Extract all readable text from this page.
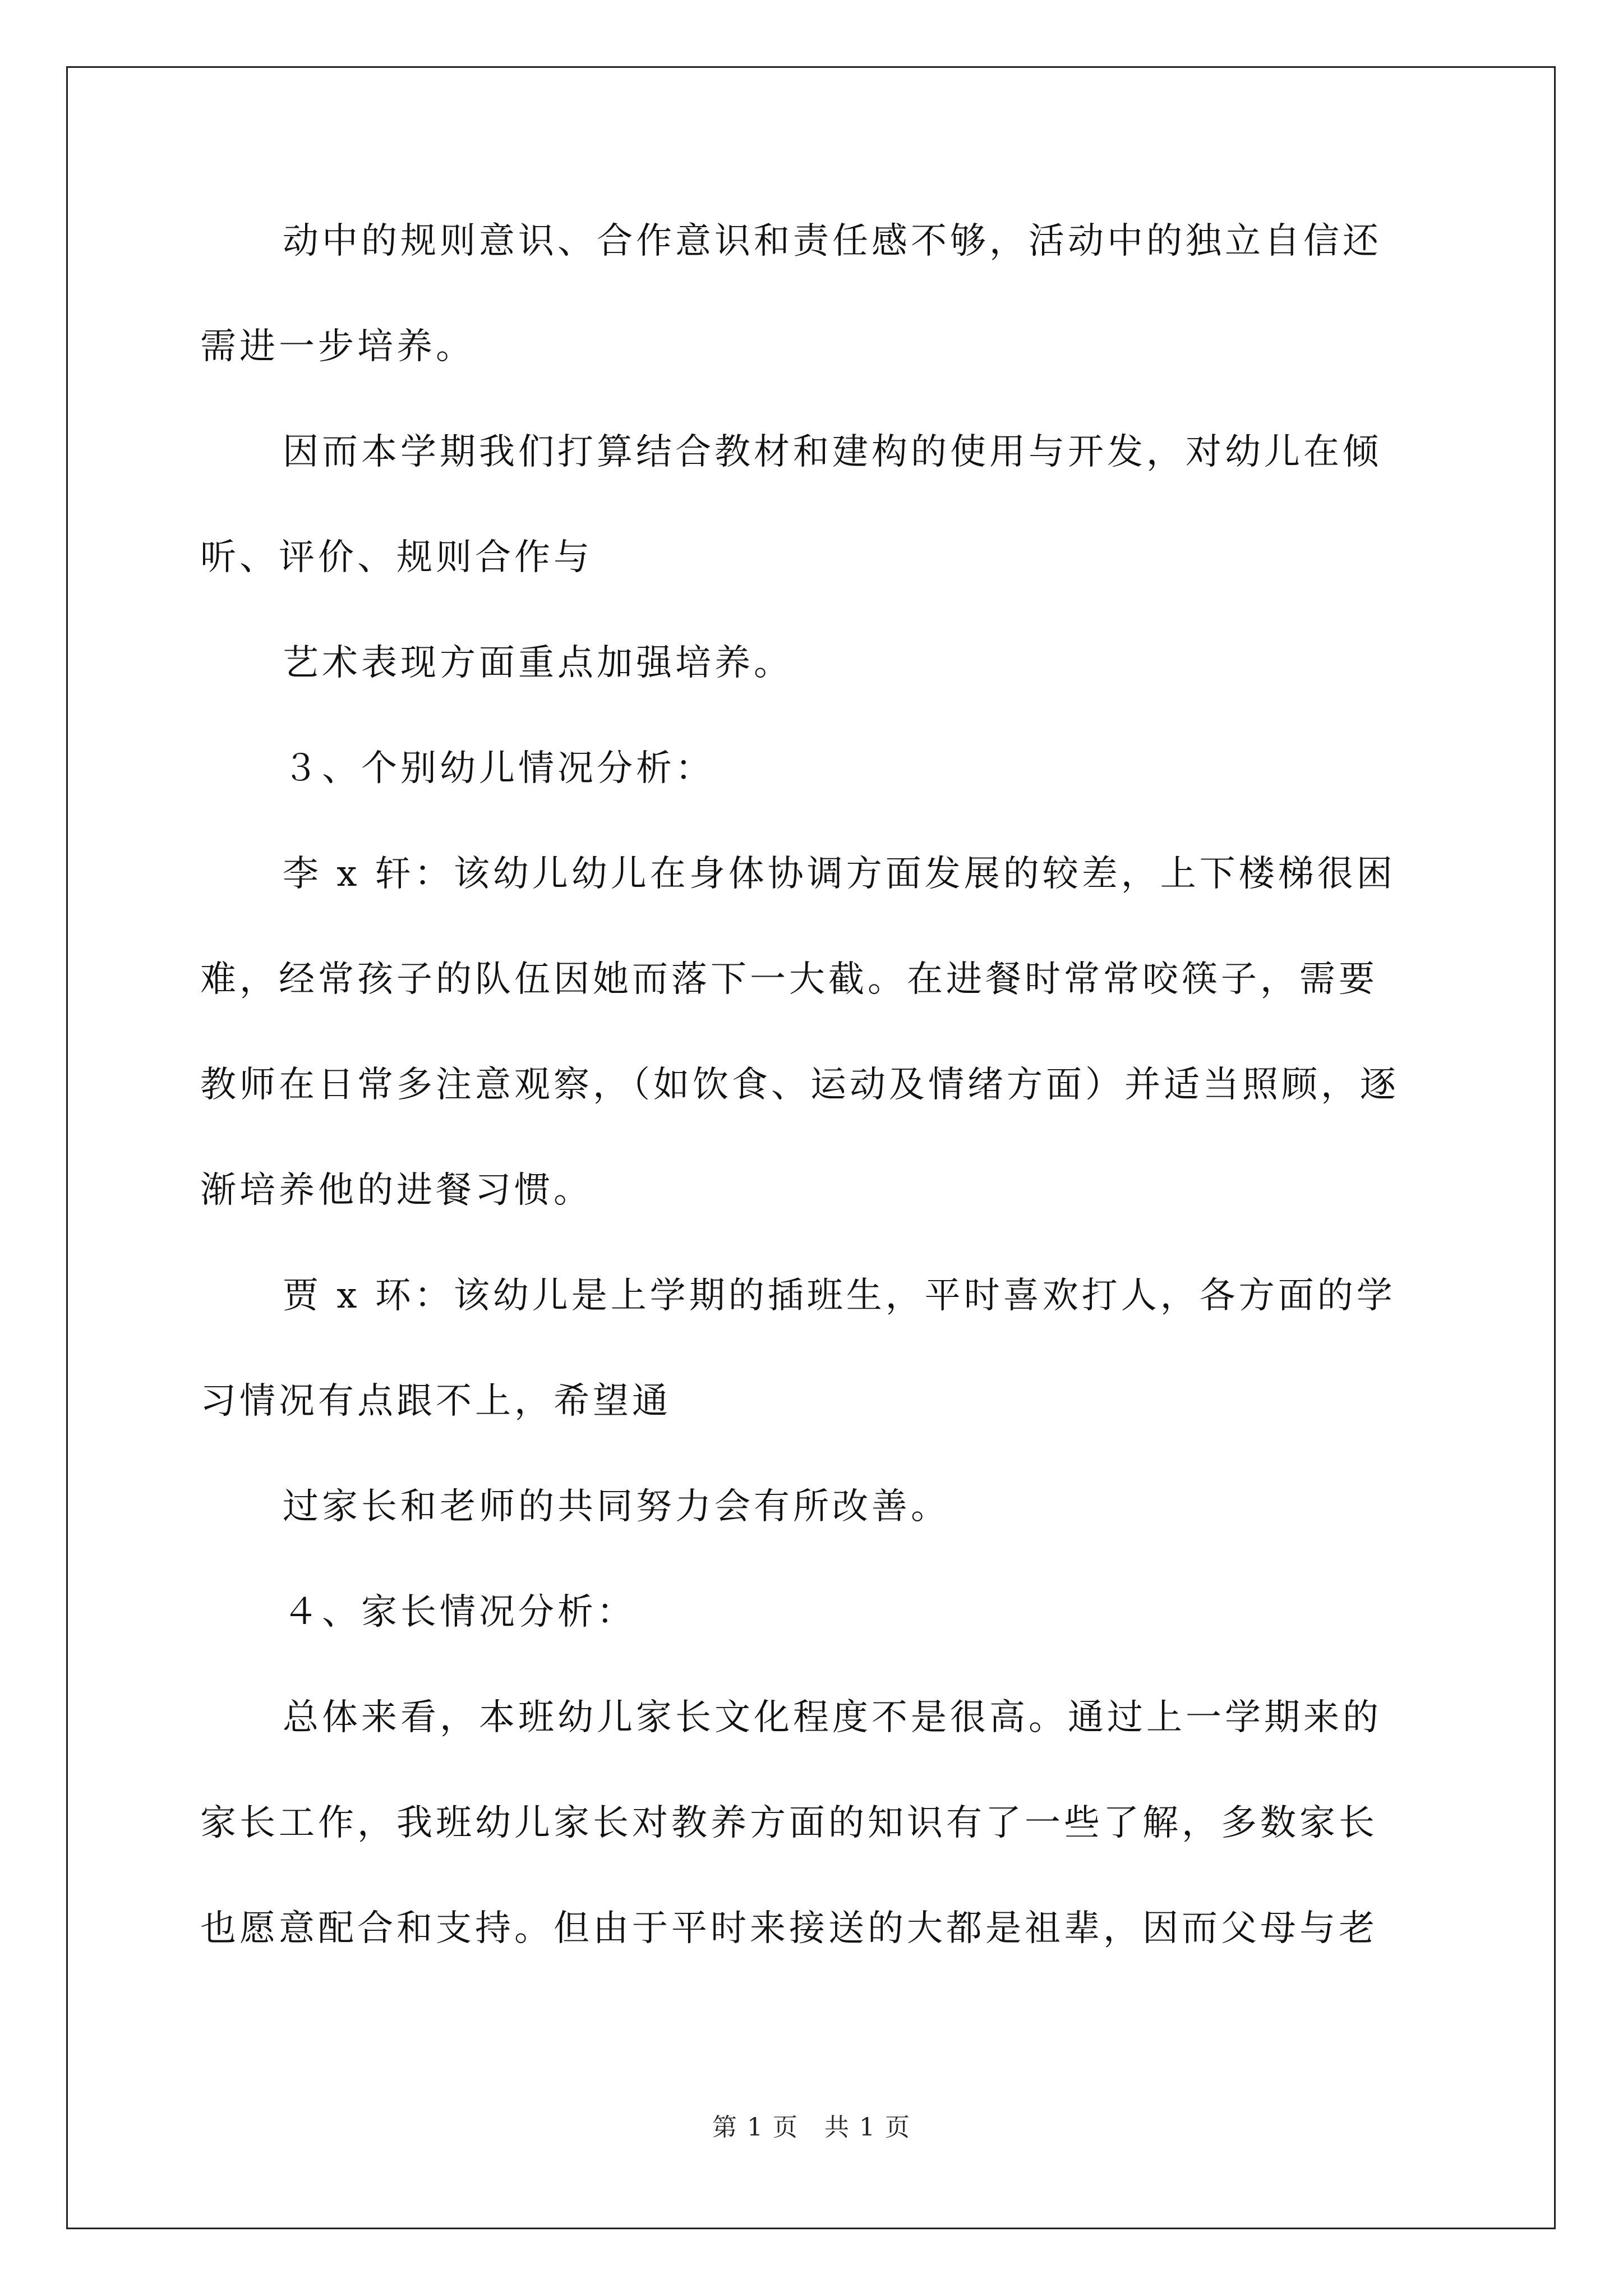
动中的规则意识、合作意识和责任感不够，活动中的独立自信还
需进一步培养。
因而本学期我们打算结合教材和建构的使用与开发，对幼儿在倾
听、评价、规则合作与
艺术表现方面重点加强培养。
３、个别幼儿情况分析：
李 x 轩：该幼儿幼儿在身体协调方面发展的较差，上下楼梯很困
难，经常孩子的队伍因她而落下一大截。在进餐时常常咬筷子，需要
教师在日常多注意观察，（如饮食、运动及情绪方面）并适当照顾，逐
渐培养他的进餐习惯。
贾 x 环：该幼儿是上学期的插班生，平时喜欢打人，各方面的学
习情况有点跟不上，希望通
过家长和老师的共同努力会有所改善。
４、家长情况分析：
总体来看，本班幼儿家长文化程度不是很高。通过上一学期来的
家长工作，我班幼儿家长对教养方面的知识有了一些了解，多数家长
也愿意配合和支持。但由于平时来接送的大都是祖辈，因而父母与老
第 1 页　共 1 页
